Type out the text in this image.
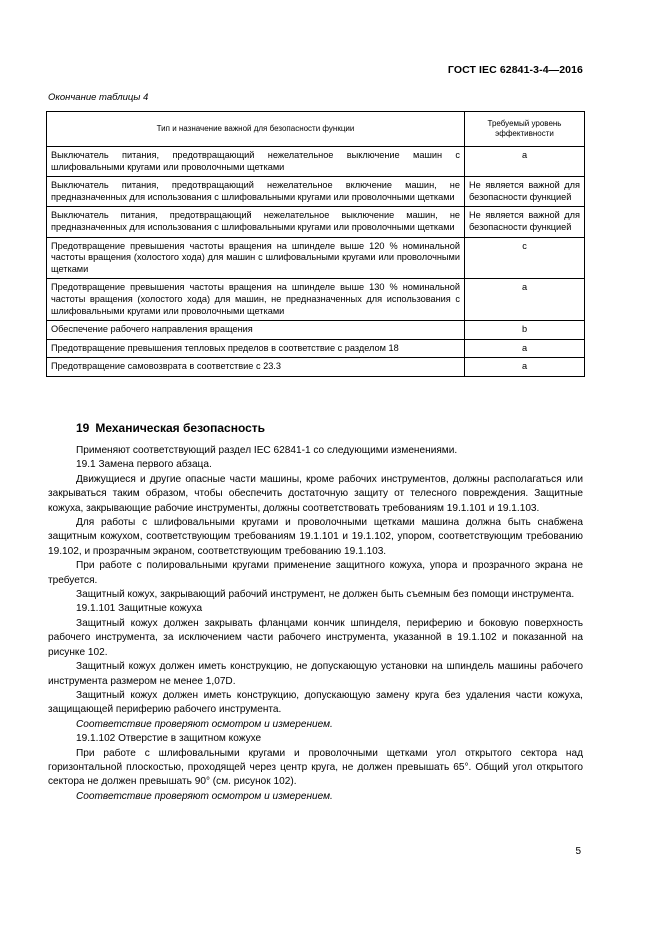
ГОСТ IEC 62841-3-4—2016
Окончание таблицы 4
Тип и назначение важной для безопасности функции	Требуемый уровень эффективности
Выключатель питания, предотвращающий нежелательное выключение машин с шлифовальными кругами или проволочными щетками	a
Выключатель питания, предотвращающий нежелательное включение машин, не предназначенных для использования с шлифовальными кругами или проволочными щетками	Не является важной для безопасности функцией
Выключатель питания, предотвращающий нежелательное выключение машин, не предназначенных для использования с шлифовальными кругами или проволочными щетками	Не является важной для безопасности функцией
Предотвращение превышения частоты вращения на шпинделе выше 120 % номинальной частоты вращения (холостого хода) для машин с шлифовальными кругами или проволочными щетками	c
Предотвращение превышения частоты вращения на шпинделе выше 130 % номинальной частоты вращения (холостого хода) для машин, не предназначенных для использования с шлифовальными кругами или проволочными щетками	a
Обеспечение рабочего направления вращения	b
Предотвращение превышения тепловых пределов в соответствие с разделом 18	a
Предотвращение самовозврата в соответствие с 23.3	a
19 Механическая безопасность

Применяют соответствующий раздел IEC 62841-1 со следующими изменениями.

19.1 Замена первого абзаца.

Движущиеся и другие опасные части машины, кроме рабочих инструментов, должны располагаться или закрываться таким образом, чтобы обеспечить достаточную защиту от телесного повреждения. Защитные кожуха, закрывающие рабочие инструменты, должны соответствовать требованиям 19.1.101 и 19.1.103.

Для работы с шлифовальными кругами и проволочными щетками машина должна быть снабжена защитным кожухом, соответствующим требованиям 19.1.101 и 19.1.102, упором, соответствующим требованию 19.102, и прозрачным экраном, соответствующим требованию 19.1.103.

При работе с полировальными кругами применение защитного кожуха, упора и прозрачного экрана не требуется.

Защитный кожух, закрывающий рабочий инструмент, не должен быть съемным без помощи инструмента.

19.1.101 Защитные кожуха

Защитный кожух должен закрывать фланцами кончик шпинделя, периферию и боковую поверхность рабочего инструмента, за исключением части рабочего инструмента, указанной в 19.1.102 и показанной на рисунке 102.

Защитный кожух должен иметь конструкцию, не допускающую установки на шпиндель машины рабочего инструмента размером не менее 1,07D.

Защитный кожух должен иметь конструкцию, допускающую замену круга без удаления части кожуха, защищающей периферию рабочего инструмента.

Соответствие проверяют осмотром и измерением.

19.1.102 Отверстие в защитном кожухе

При работе с шлифовальными кругами и проволочными щетками угол открытого сектора над горизонтальной плоскостью, проходящей через центр круга, не должен превышать 65°. Общий угол открытого сектора не должен превышать 90° (см. рисунок 102).

Соответствие проверяют осмотром и измерением.

5
